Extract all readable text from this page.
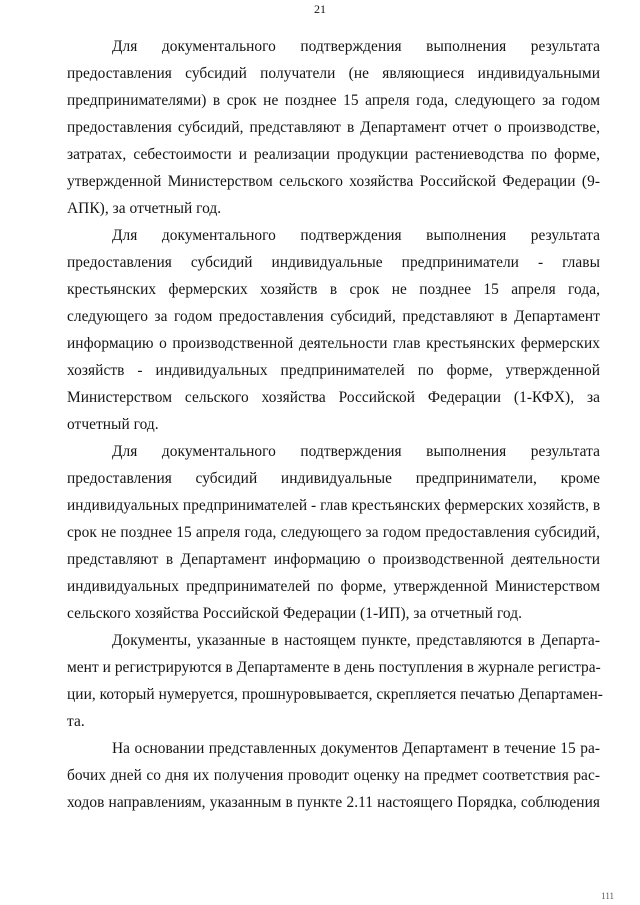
21
Для документального подтверждения выполнения результата
предоставления субсидий получатели (не являющиеся индивидуальными
предпринимателями) в срок не позднее 15 апреля года, следующего за годом
предоставления субсидий, представляют в Департамент отчет о производстве,
затратах, себестоимости и реализации продукции растениеводства по форме,
утвержденной Министерством сельского хозяйства Российской Федерации (9-
АПК), за отчетный год.
Для документального подтверждения выполнения результата
предоставления субсидий индивидуальные предприниматели - главы
крестьянских фермерских хозяйств в срок не позднее 15 апреля года,
следующего за годом предоставления субсидий, представляют в Департамент
информацию о производственной деятельности глав крестьянских фермерских
хозяйств - индивидуальных предпринимателей по форме, утвержденной
Министерством сельского хозяйства Российской Федерации (1-КФХ), за
отчетный год.
Для документального подтверждения выполнения результата
предоставления субсидий индивидуальные предприниматели, кроме
индивидуальных предпринимателей - глав крестьянских фермерских хозяйств, в
срок не позднее 15 апреля года, следующего за годом предоставления субсидий,
представляют в Департамент информацию о производственной деятельности
индивидуальных предпринимателей по форме, утвержденной Министерством
сельского хозяйства Российской Федерации (1-ИП), за отчетный год.
Документы, указанные в настоящем пункте, представляются в Департа-
мент и регистрируются в Департаменте в день поступления в журнале регистра-
ции, который нумеруется, прошнуровывается, скрепляется печатью Департамен-
та.
На основании представленных документов Департамент в течение 15 ра-
бочих дней со дня их получения проводит оценку на предмет соответствия рас-
ходов направлениям, указанным в пункте 2.11 настоящего Порядка, соблюдения
111
